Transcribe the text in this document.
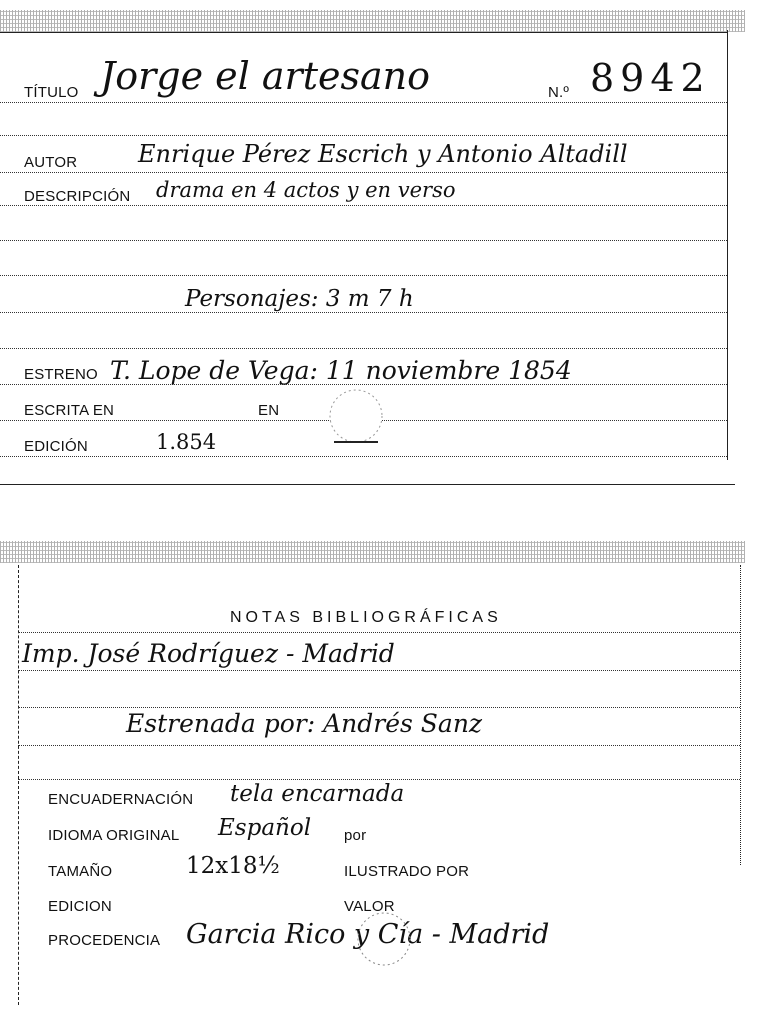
TÍTULO Jorge el artesano	N.º 8942
AUTOR	Enrique Pérez Escrich y Antonio Altadill
DESCRIPCIÓN drama en 4 actos y en verso
Personajes: 3 m 7 h
ESTRENO T. Lope de Vega: 11 noviembre 1854
ESCRITA EN	EN
EDICIÓN	1.854
NOTAS BIBLIOGRÁFICAS
Imp. José Rodríguez - Madrid
Estrenada por: Andrés Sanz
ENCUADERNACIÓN tela encarnada
IDIOMA ORIGINAL Español por
TAMAÑO	12x18½	ILUSTRADO POR
EDICION	VALOR
PROCEDENCIA Garcia Rico y Cía - Madrid
